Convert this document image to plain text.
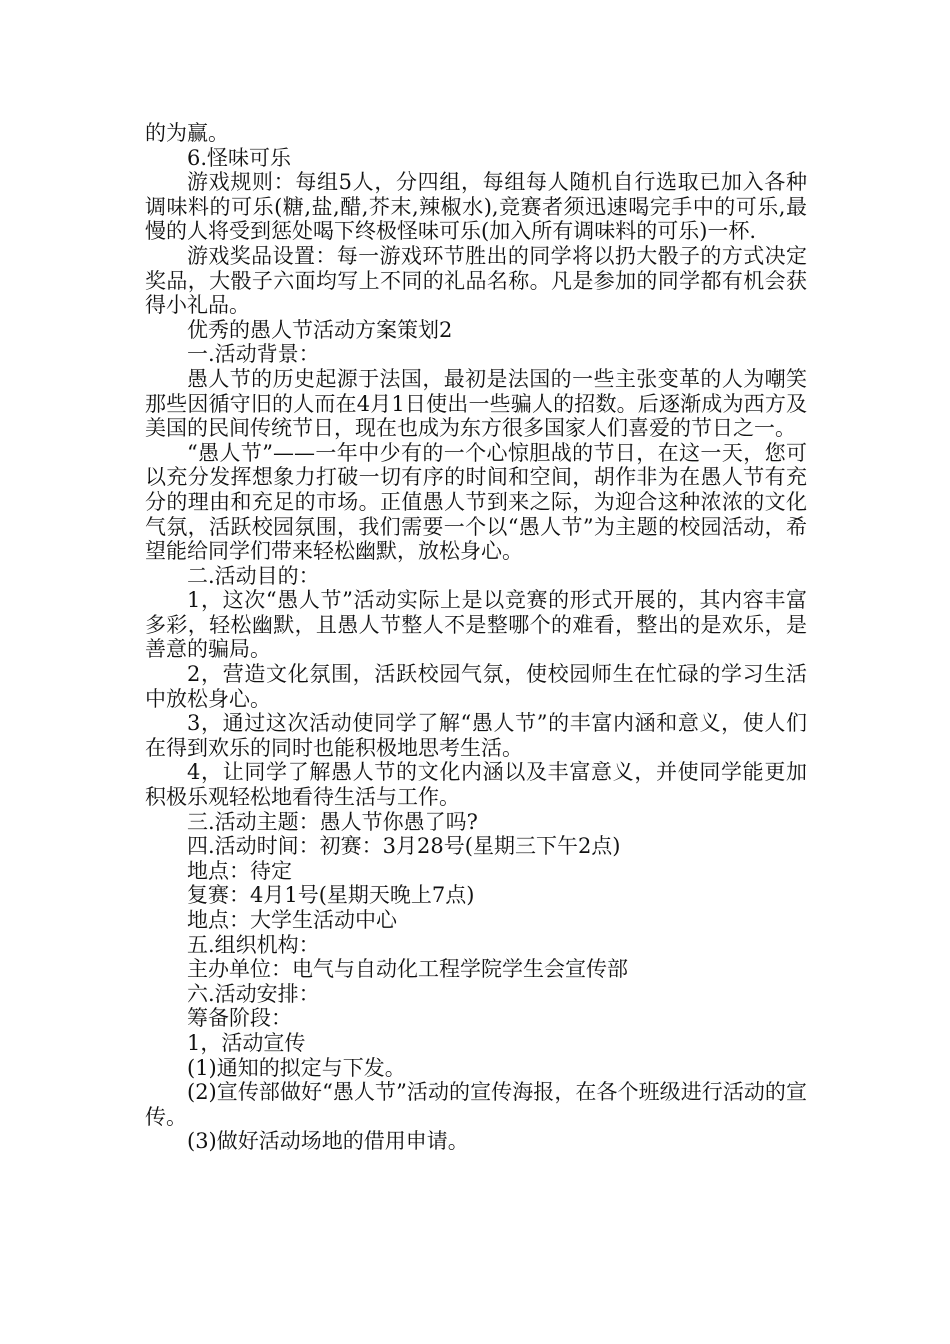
的为赢。

6.怪味可乐

游戏规则：每组5人，分四组，每组每人随机自行选取已加入各种调味料的可乐(糖,盐,醋,芥末,辣椒水),竞赛者须迅速喝完手中的可乐,最慢的人将受到惩处喝下终极怪味可乐(加入所有调味料的可乐)一杯.

游戏奖品设置：每一游戏环节胜出的同学将以扔大骰子的方式决定奖品，大骰子六面均写上不同的礼品名称。凡是参加的同学都有机会获得小礼品。

优秀的愚人节活动方案策划2

一.活动背景：

愚人节的历史起源于法国，最初是法国的一些主张变革的人为嘲笑那些因循守旧的人而在4月1日使出一些骗人的招数。后逐渐成为西方及美国的民间传统节日，现在也成为东方很多国家人们喜爱的节日之一。

“愚人节”——一年中少有的一个心惊胆战的节日，在这一天，您可以充分发挥想象力打破一切有序的时间和空间，胡作非为在愚人节有充分的理由和充足的市场。正值愚人节到来之际，为迎合这种浓浓的文化气氛，活跃校园氛围，我们需要一个以“愚人节”为主题的校园活动，希望能给同学们带来轻松幽默，放松身心。

二.活动目的：

1，这次“愚人节”活动实际上是以竞赛的形式开展的，其内容丰富多彩，轻松幽默，且愚人节整人不是整哪个的难看，整出的是欢乐，是善意的骗局。

2，营造文化氛围，活跃校园气氛，使校园师生在忙碌的学习生活中放松身心。

3，通过这次活动使同学了解“愚人节”的丰富内涵和意义，使人们在得到欢乐的同时也能积极地思考生活。

4，让同学了解愚人节的文化内涵以及丰富意义，并使同学能更加积极乐观轻松地看待生活与工作。

三.活动主题：愚人节你愚了吗?

四.活动时间：初赛：3月28号(星期三下午2点)

地点：待定

复赛：4月1号(星期天晚上7点)

地点：大学生活动中心

五.组织机构：

主办单位：电气与自动化工程学院学生会宣传部

六.活动安排：

筹备阶段：

1，活动宣传

(1)通知的拟定与下发。

(2)宣传部做好“愚人节”活动的宣传海报，在各个班级进行活动的宣传。

(3)做好活动场地的借用申请。
